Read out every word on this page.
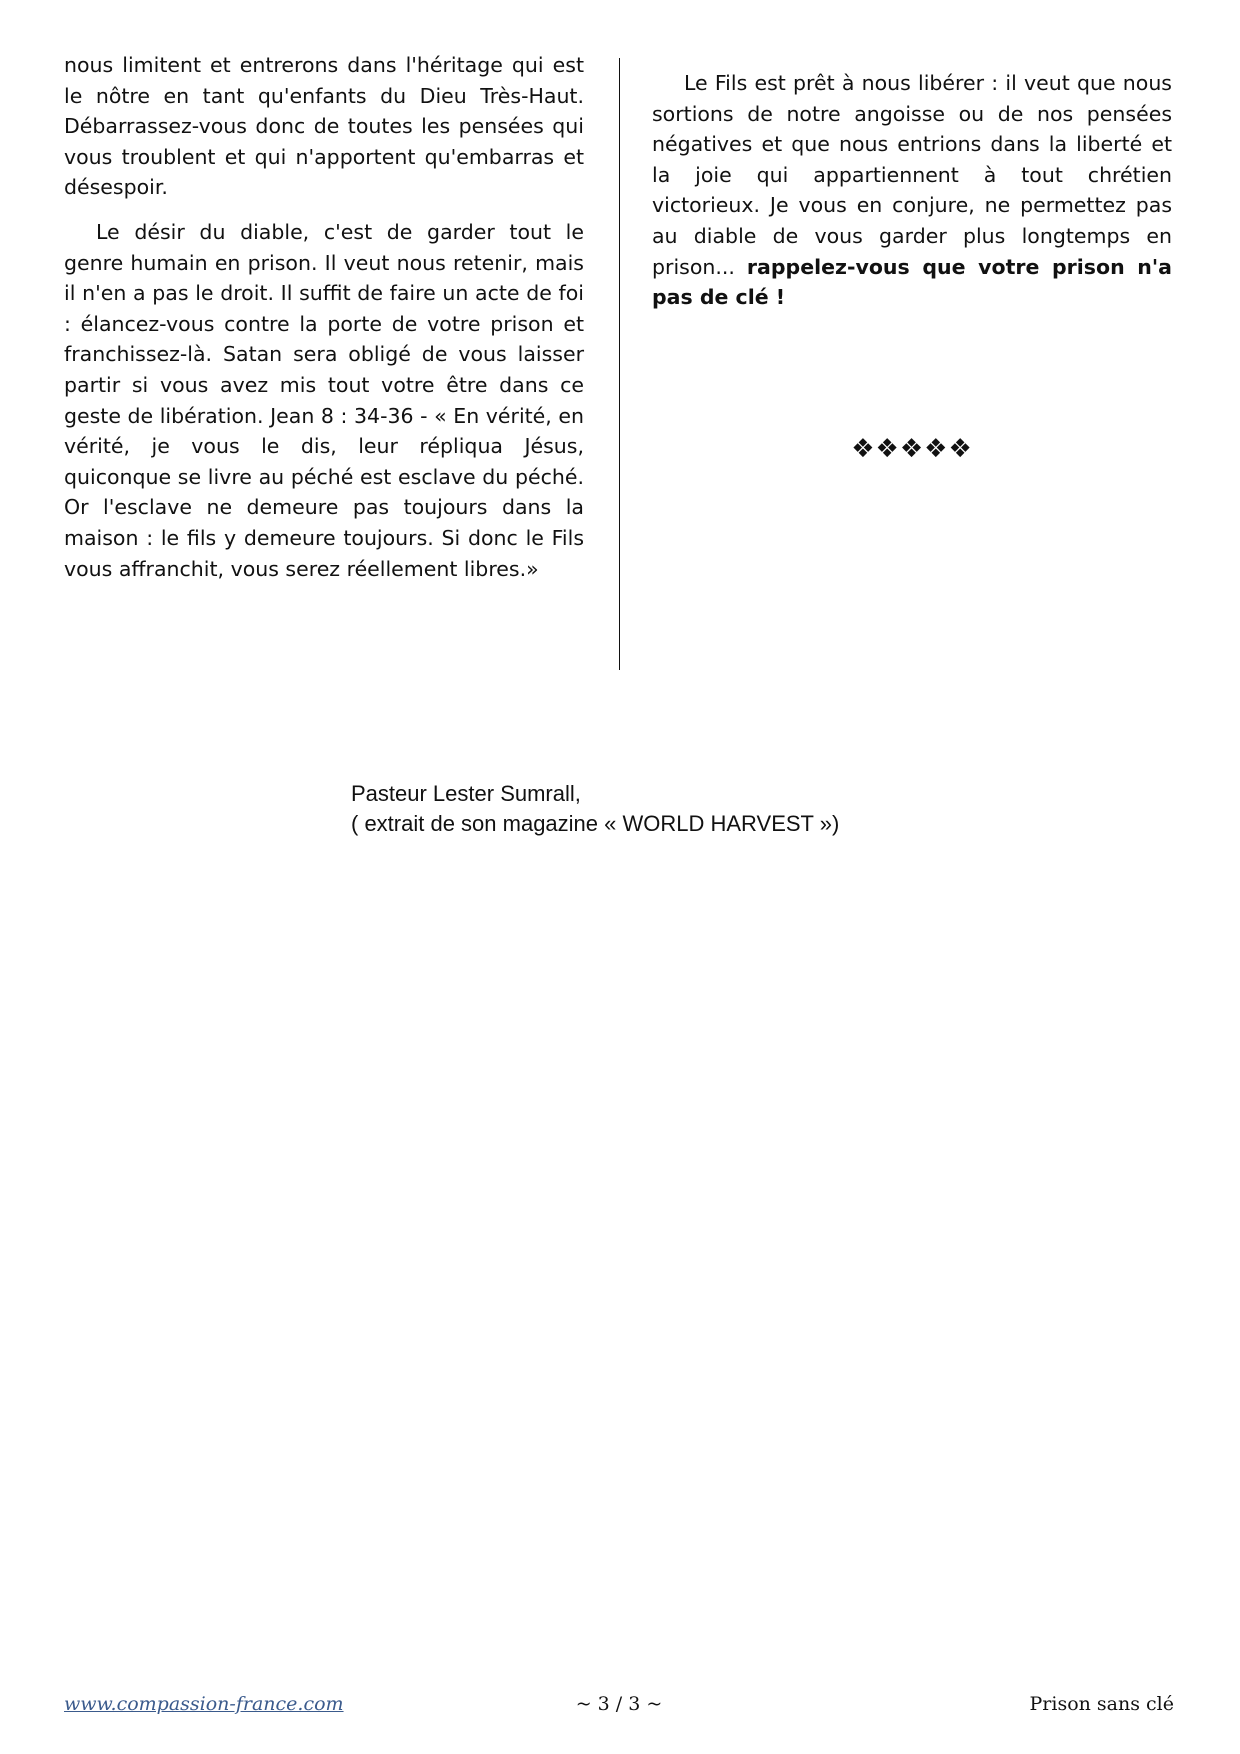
nous limitent et entrerons dans l'héritage qui est le nôtre en tant qu'enfants du Dieu Très-Haut. Débarrassez-vous donc de toutes les pensées qui vous troublent et qui n'apportent qu'embarras et désespoir.

Le désir du diable, c'est de garder tout le genre humain en prison. Il veut nous retenir, mais il n'en a pas le droit. Il suffit de faire un acte de foi : élancez-vous contre la porte de votre prison et franchissez-là. Satan sera obligé de vous laisser partir si vous avez mis tout votre être dans ce geste de libération. Jean 8 : 34-36 - « En vérité, en vérité, je vous le dis, leur répliqua Jésus, quiconque se livre au péché est esclave du péché. Or l'esclave ne demeure pas toujours dans la maison : le fils y demeure toujours. Si donc le Fils vous affranchit, vous serez réellement libres.»

Le Fils est prêt à nous libérer : il veut que nous sortions de notre angoisse ou de nos pensées négatives et que nous entrions dans la liberté et la joie qui appartiennent à tout chrétien victorieux. Je vous en conjure, ne permettez pas au diable de vous garder plus longtemps en prison... rappelez-vous que votre prison n'a pas de clé !

❖❖❖❖❖
Pasteur Lester Sumrall,
( extrait de son magazine « WORLD HARVEST »)
www.compassion-france.com	~ 3 / 3 ~	Prison sans clé
